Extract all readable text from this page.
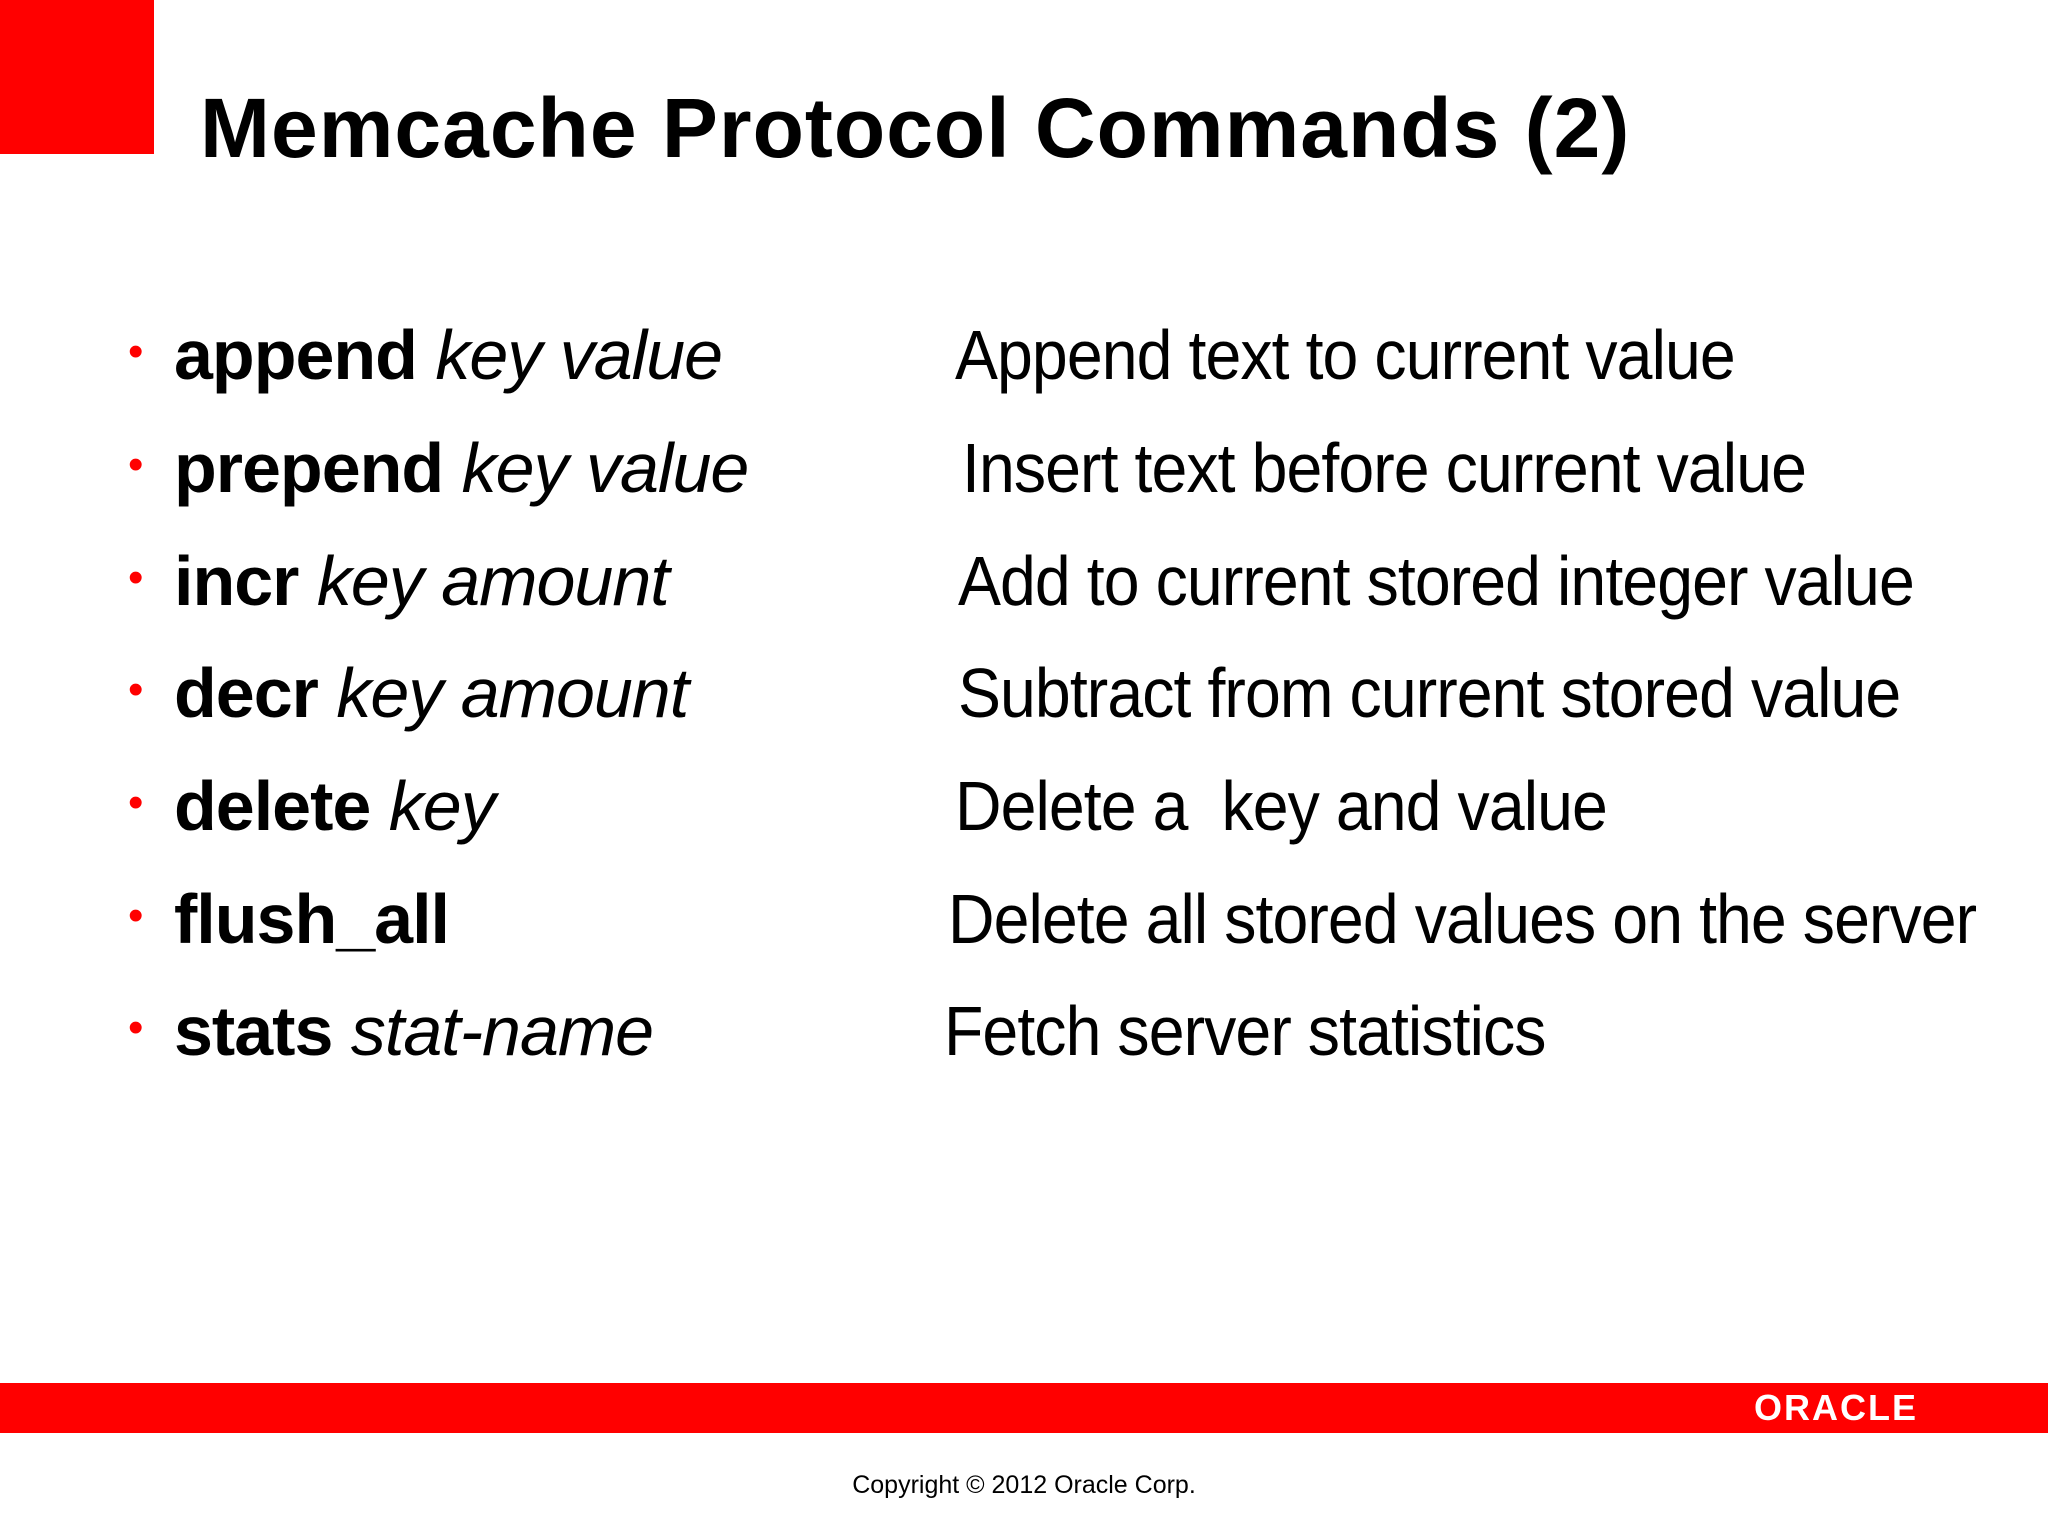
Memcache Protocol Commands (2)
• append key value	Append text to current value
• prepend key value	Insert text before current value
• incr key amount	Add to current stored integer value
• decr key amount	Subtract from current stored value
• delete key	Delete a  key and value
• flush_all	Delete all stored values on the server
• stats stat-name	Fetch server statistics
ORACLE
Copyright © 2012 Oracle Corp.
